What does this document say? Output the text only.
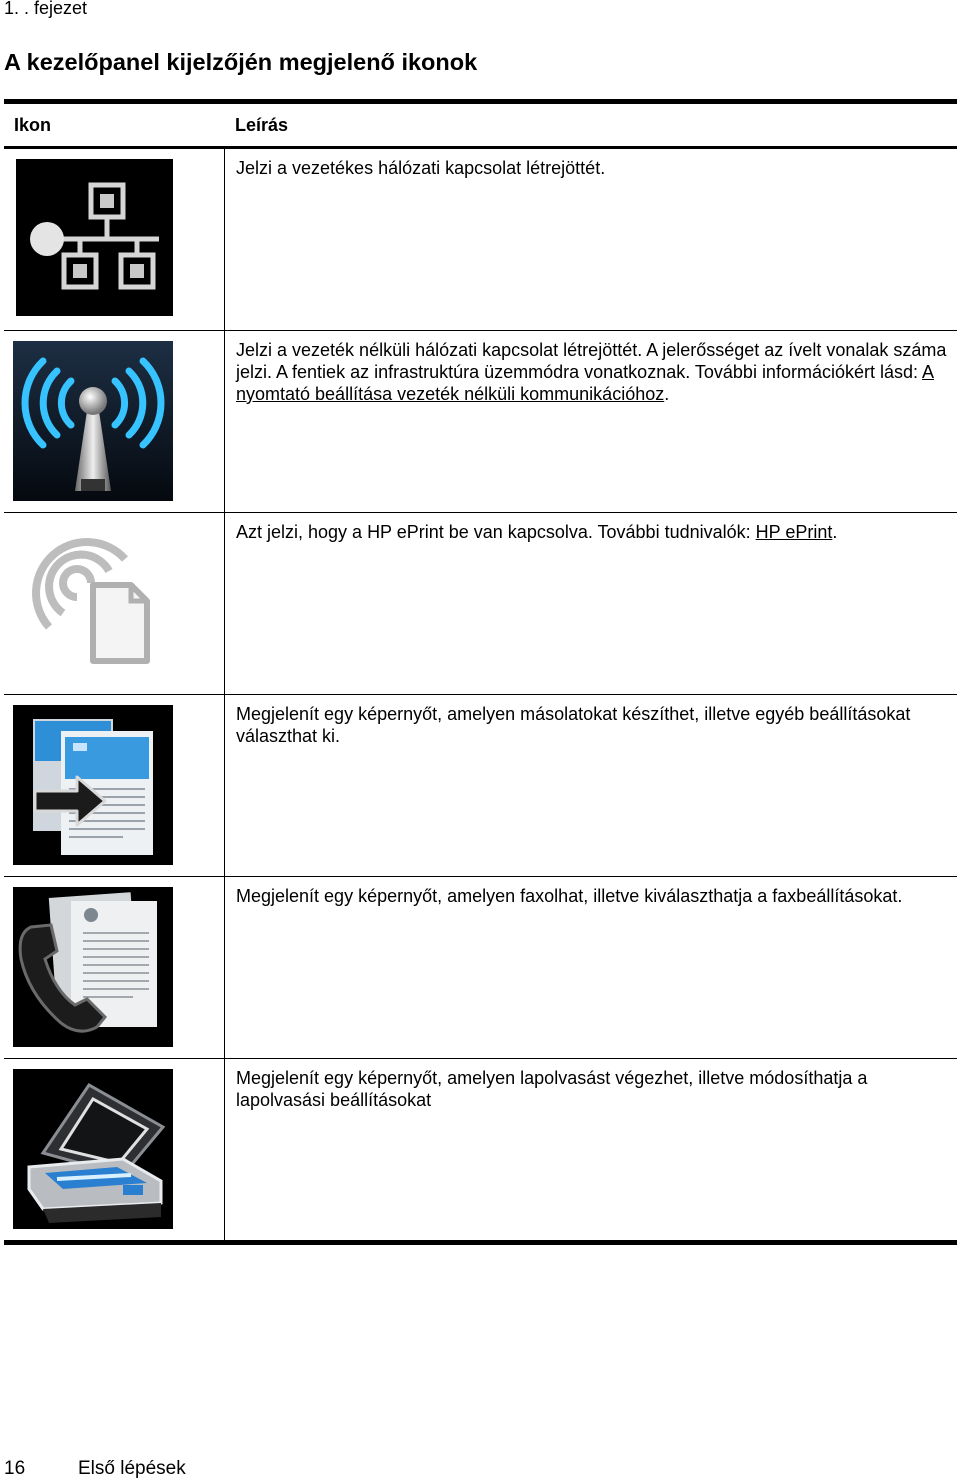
1. . fejezet
A kezelőpanel kijelzőjén megjelenő ikonok
Ikon	Leírás
Jelzi a vezetékes hálózati kapcsolat létrejöttét.
Jelzi a vezeték nélküli hálózati kapcsolat létrejöttét. A jelerősséget az ívelt vonalak száma jelzi. A fentiek az infrastruktúra üzemmódra vonatkoznak. További információkért lásd: A nyomtató beállítása vezeték nélküli kommunikációhoz.
Azt jelzi, hogy a HP ePrint be van kapcsolva. További tudnivalók: HP ePrint.
Megjelenít egy képernyőt, amelyen másolatokat készíthet, illetve egyéb beállításokat választhat ki.
Megjelenít egy képernyőt, amelyen faxolhat, illetve kiválaszthatja a faxbeállításokat.
Megjelenít egy képernyőt, amelyen lapolvasást végezhet, illetve módosíthatja a lapolvasási beállításokat
16	Első lépések
